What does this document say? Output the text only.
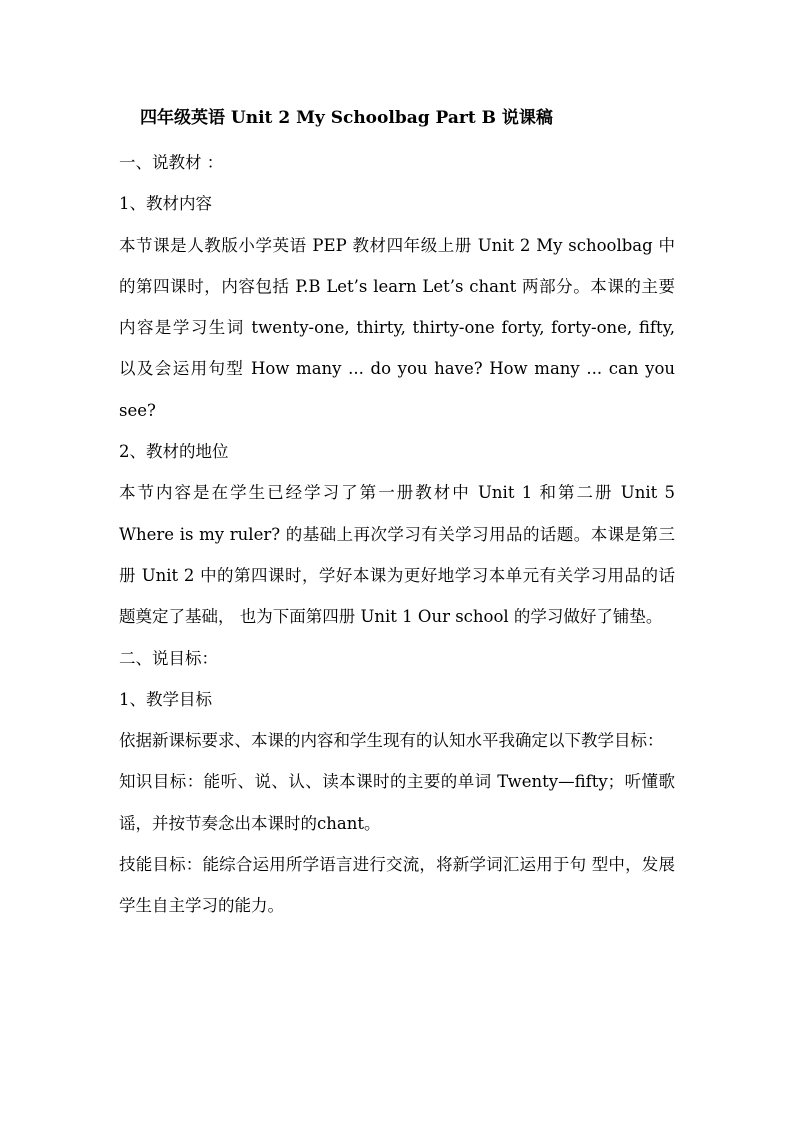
四年级英语 Unit 2 My Schoolbag Part B 说课稿

一、说教材 ：

1、教材内容

本节课是人教版小学英语 PEP 教材四年级上册 Unit 2 My schoolbag 中的第四课时，内容包括 P.B Let’s learn Let’s chant 两部分。本课的主要内容是学习生词 twenty-one, thirty, thirty-one forty, forty-one, fifty, 以及会运用句型 How many ... do you have? How many ... can you see?

2、教材的地位

本节内容是在学生已经学习了第一册教材中 Unit 1 和第二册 Unit 5 Where is my ruler? 的基础上再次学习有关学习用品的话题。本课是第三册 Unit 2 中的第四课时，学好本课为更好地学习本单元有关学习用品的话题奠定了基础， 也为下面第四册 Unit 1 Our school 的学习做好了铺垫。

二、说目标：

1、教学目标

依据新课标要求、本课的内容和学生现有的认知水平我确定以下教学目标：

知识目标：能听、说、认、读本课时的主要的单词 Twenty—fifty；听懂歌谣，并按节奏念出本课时的chant。

技能目标：能综合运用所学语言进行交流，将新学词汇运用于句 型中，发展学生自主学习的能力。
